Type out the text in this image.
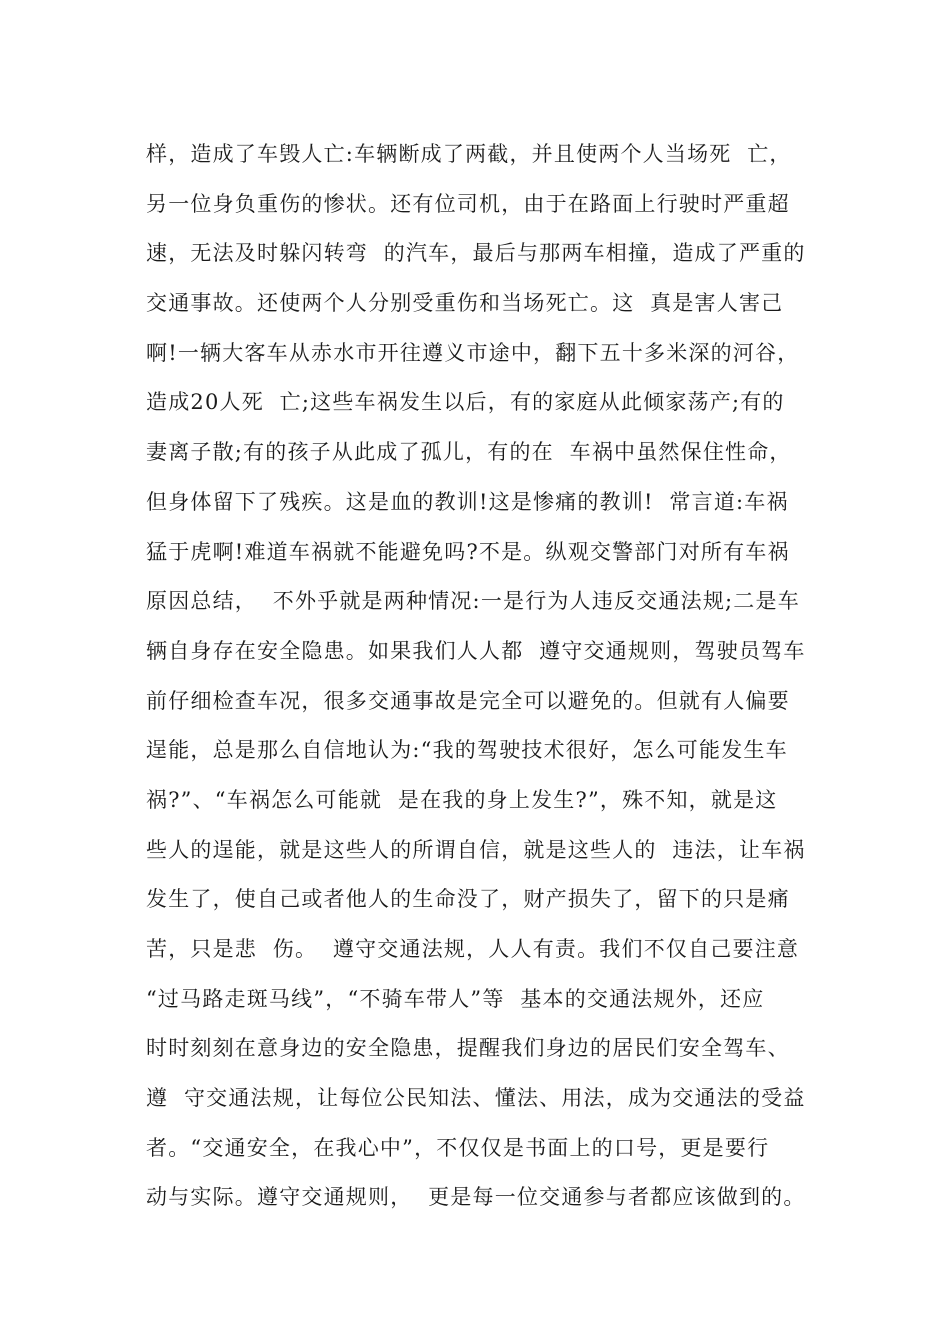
样，造成了车毁人亡:车辆断成了两截，并且使两个人当场死  亡，
另一位身负重伤的惨状。还有位司机，由于在路面上行驶时严重超
速，无法及时躲闪转弯  的汽车，最后与那两车相撞，造成了严重的
交通事故。还使两个人分别受重伤和当场死亡。这  真是害人害己
啊!一辆大客车从赤水市开往遵义市途中，翻下五十多米深的河谷，
造成20人死  亡;这些车祸发生以后，有的家庭从此倾家荡产;有的
妻离子散;有的孩子从此成了孤儿，有的在  车祸中虽然保住性命，
但身体留下了残疾。这是血的教训!这是惨痛的教训!  常言道:车祸
猛于虎啊!难道车祸就不能避免吗?不是。纵观交警部门对所有车祸
原因总结，  不外乎就是两种情况:一是行为人违反交通法规;二是车
辆自身存在安全隐患。如果我们人人都  遵守交通规则，驾驶员驾车
前仔细检查车况，很多交通事故是完全可以避免的。但就有人偏要
逞能，总是那么自信地认为:“我的驾驶技术很好，怎么可能发生车
祸?”、“车祸怎么可能就  是在我的身上发生?”，殊不知，就是这
些人的逞能，就是这些人的所谓自信，就是这些人的  违法，让车祸
发生了，使自己或者他人的生命没了，财产损失了，留下的只是痛
苦，只是悲  伤。  遵守交通法规，人人有责。我们不仅自己要注意
“过马路走斑马线”，“不骑车带人”等  基本的交通法规外，还应
时时刻刻在意身边的安全隐患，提醒我们身边的居民们安全驾车、
遵  守交通法规，让每位公民知法、懂法、用法，成为交通法的受益
者。“交通安全，在我心中”，不仅仅是书面上的口号，更是要行
动与实际。遵守交通规则，  更是每一位交通参与者都应该做到的。
